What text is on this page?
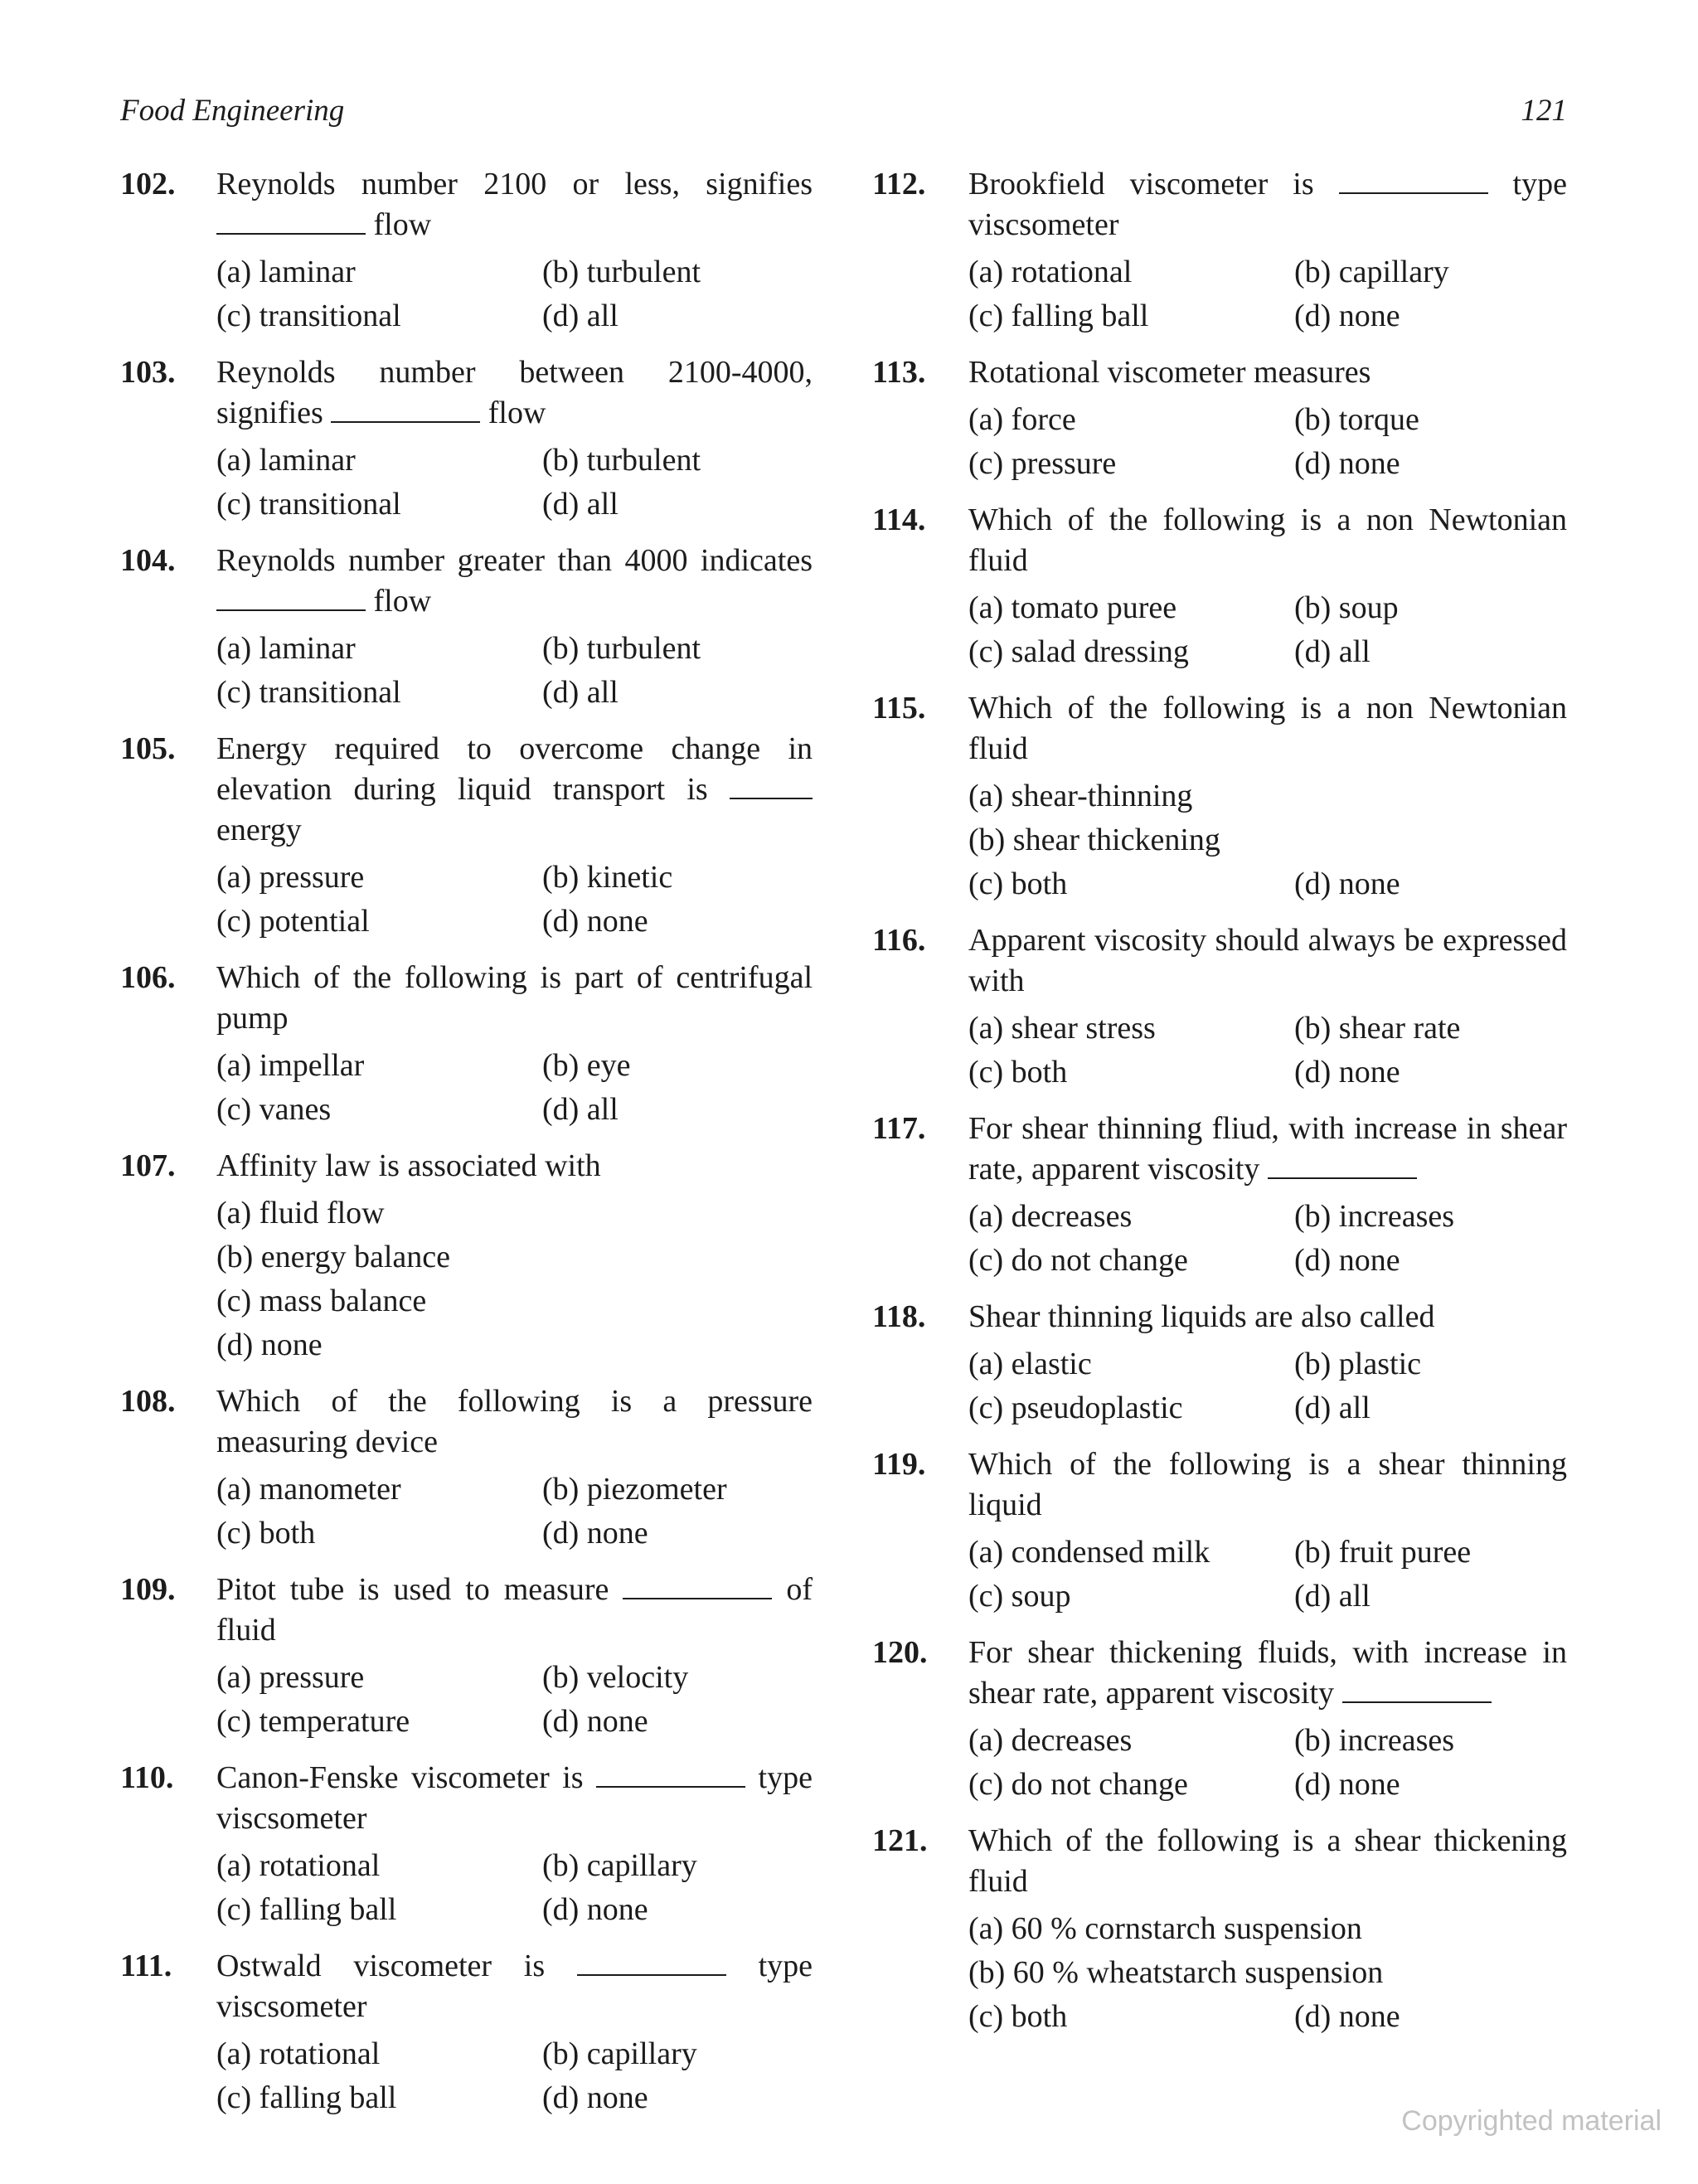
Food Engineering	121
102.	Reynolds number 2100 or less, signifies flow
(a) laminar	(b) turbulent
(c) transitional	(d) all
103.	Reynolds number between 2100-4000, signifies	flow
(a) laminar	(b) turbulent
(c) transitional	(d) all
104.	Reynolds number greater than 4000 indicates flow
(a) laminar	(b) turbulent
(c) transitional	(d) all
105.	Energy required to overcome change in elevation during liquid transport is energy
(a) pressure	(b) kinetic
(c) potential	(d) none
106.	Which of the following is part of centrifugal pump
(a) impellar	(b) eye
(c) vanes	(d) all
107.	Affinity law is associated with
(a) fluid flow
(b) energy balance
(c) mass balance
(d) none
108.	Which of the following is a pressure measuring device
(a) manometer	(b) piezometer
(c) both	(d) none
109.	Pitot tube is used to measure	of fluid
(a) pressure	(b) velocity
(c) temperature	(d) none
110.	Canon-Fenske viscometer is	type viscsometer
(a) rotational	(b) capillary
(c) falling ball	(d) none
111.	Ostwald viscometer is	type viscsometer
(a) rotational	(b) capillary
(c) falling ball	(d) none
112.	Brookfield viscometer is	type viscsometer
(a) rotational	(b) capillary
(c) falling ball	(d) none
113.	Rotational viscometer measures
(a) force	(b) torque
(c) pressure	(d) none
114.	Which of the following is a non Newtonian fluid
(a) tomato puree	(b) soup
(c) salad dressing	(d) all
115.	Which of the following is a non Newtonian fluid
(a) shear-thinning
(b) shear thickening
(c) both	(d) none
116.	Apparent viscosity should always be expressed with
(a) shear stress	(b) shear rate
(c) both	(d) none
117.	For shear thinning fliud, with increase in shear rate, apparent viscosity
(a) decreases	(b) increases
(c) do not change	(d) none
118.	Shear thinning liquids are also called
(a) elastic	(b) plastic
(c) pseudoplastic	(d) all
119.	Which of the following is a shear thinning liquid
(a) condensed milk	(b) fruit puree
(c) soup	(d) all
120.	For shear thickening fluids, with increase in shear rate, apparent viscosity
(a) decreases	(b) increases
(c) do not change	(d) none
121.	Which of the following is a shear thickening fluid
(a) 60 % cornstarch suspension
(b) 60 % wheatstarch suspension
(c) both	(d) none
Copyrighted material
